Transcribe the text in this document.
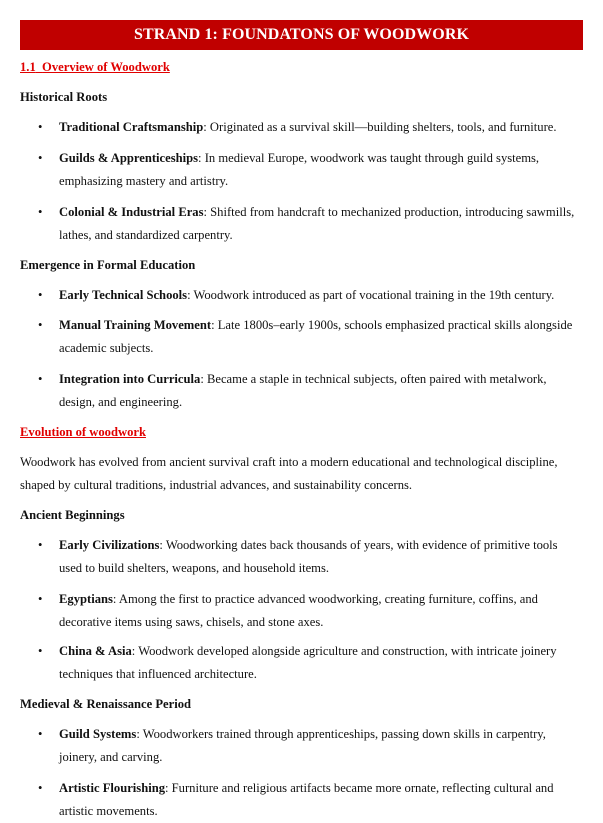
STRAND 1: FOUNDATONS OF WOODWORK
1.1 Overview of Woodwork
Historical Roots
• Traditional Craftsmanship: Originated as a survival skill—building shelters, tools, and furniture.
• Guilds & Apprenticeships: In medieval Europe, woodwork was taught through guild systems, emphasizing mastery and artistry.
• Colonial & Industrial Eras: Shifted from handcraft to mechanized production, introducing sawmills, lathes, and standardized carpentry.
Emergence in Formal Education
• Early Technical Schools: Woodwork introduced as part of vocational training in the 19th century.
• Manual Training Movement: Late 1800s–early 1900s, schools emphasized practical skills alongside academic subjects.
• Integration into Curricula: Became a staple in technical subjects, often paired with metalwork, design, and engineering.
Evolution of woodwork
Woodwork has evolved from ancient survival craft into a modern educational and technological discipline, shaped by cultural traditions, industrial advances, and sustainability concerns.
Ancient Beginnings
• Early Civilizations: Woodworking dates back thousands of years, with evidence of primitive tools used to build shelters, weapons, and household items.
• Egyptians: Among the first to practice advanced woodworking, creating furniture, coffins, and decorative items using saws, chisels, and stone axes.
• China & Asia: Woodwork developed alongside agriculture and construction, with intricate joinery techniques that influenced architecture.
Medieval & Renaissance Period
• Guild Systems: Woodworkers trained through apprenticeships, passing down skills in carpentry, joinery, and carving.
• Artistic Flourishing: Furniture and religious artifacts became more ornate, reflecting cultural and artistic movements.
